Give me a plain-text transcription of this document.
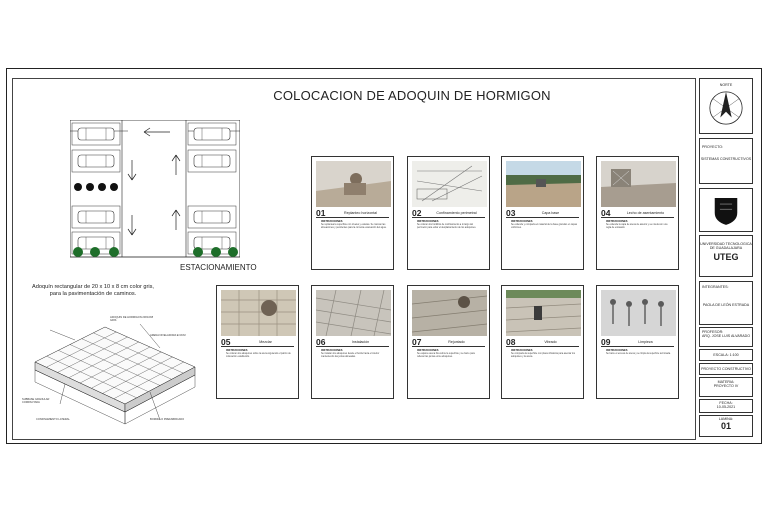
COLOCACION DE ADOQUIN DE HORMIGON
ESTACIONAMIENTO
Adoquín rectangular de 20 x 10 x 8 cm color gris, para la pavimentación de caminos.
ADOQUIN DE HORMIGON 20X10X8 GRIS
ARENA NIVELADORA E=3CM
SUBBASE GRANULAR COMPACTADA
CONFINAMIENTO LATERAL	BORDILLO PREFABRICADO
01	Replanteo horizontal
INSTRUCCIONES
Se replantea la superficie con niveles y estacas. Se marcan las alineaciones y pendientes para la correcta evacuación del agua.
02	Confinamiento perimetral
INSTRUCCIONES
Se colocan los bordillos de confinamiento a lo largo del perímetro para evitar el desplazamiento de los adoquines.
03	Capa base
INSTRUCCIONES
Se extiende y compacta el material de la base granular en capas uniformes.
04	Lecho de asentamiento
INSTRUCCIONES
Se extiende la capa de arena de asiento y se nivela con una regla de enrasado.
05	Mezclar
INSTRUCCIONES
Se colocan los adoquines sobre la arena siguiendo el patrón de colocación establecido.
06	Instalación
INSTRUCCIONES
Se instalan los adoquines desde el borde hacia el interior manteniendo las juntas alineadas.
07	Rejuntado
INSTRUCCIONES
Se esparce arena fina sobre la superficie y se barre para rellenar las juntas entre adoquines.
08	Vibrado
INSTRUCCIONES
Se compacta la superficie con placa vibratoria para asentar los adoquines y la arena.
09	Limpieza
INSTRUCCIONES
Se barre el exceso de arena y se limpia la superficie terminada.
NORTE
PROYECTO:
SISTEMAS CONSTRUCTIVOS
UNIVERSIDAD TECNOLOGICA DE GUADALAJARA
UTEG
INTEGRANTES:
PAOLA DE LEÓN ESTRADA
PROFESOR:
ARQ. JOSE LUIS ALVARADO
ESCALA: 1:100
PROYECTO CONSTRUCTIVO
MATERIA:
PROYECTO IV
FECHA:
10-05-2021
LAMINA:
01
